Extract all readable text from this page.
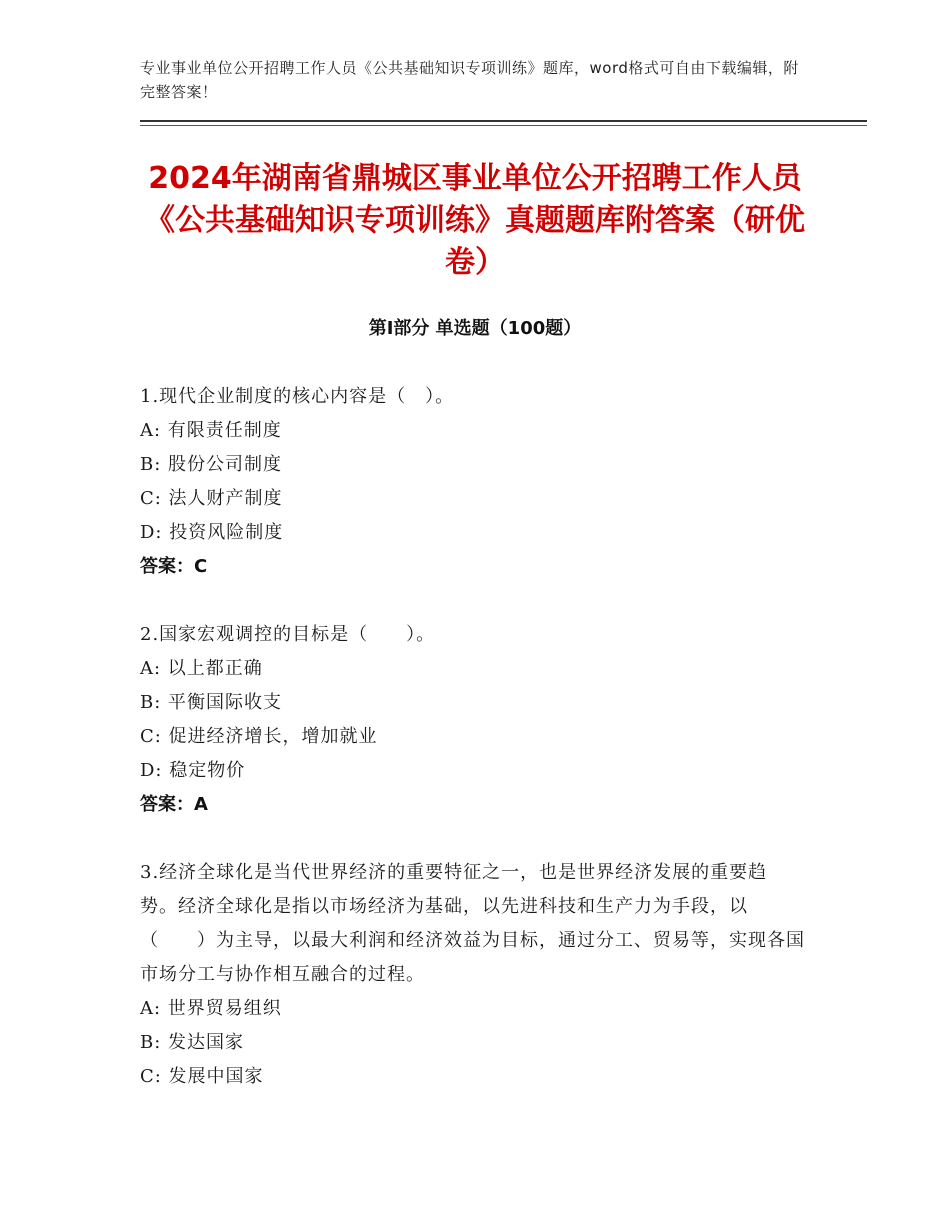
专业事业单位公开招聘工作人员《公共基础知识专项训练》题库，word格式可自由下载编辑，附完整答案！
2024年湖南省鼎城区事业单位公开招聘工作人员《公共基础知识专项训练》真题题库附答案（研优卷）
第I部分 单选题（100题）
1.现代企业制度的核心内容是（　）。
A: 有限责任制度
B: 股份公司制度
C: 法人财产制度
D: 投资风险制度
答案：C
2.国家宏观调控的目标是（　　）。
A: 以上都正确
B: 平衡国际收支
C: 促进经济增长，增加就业
D: 稳定物价
答案：A
3.经济全球化是当代世界经济的重要特征之一，也是世界经济发展的重要趋势。经济全球化是指以市场经济为基础，以先进科技和生产力为手段，以（　　）为主导，以最大利润和经济效益为目标，通过分工、贸易等，实现各国市场分工与协作相互融合的过程。
A: 世界贸易组织
B: 发达国家
C: 发展中国家
